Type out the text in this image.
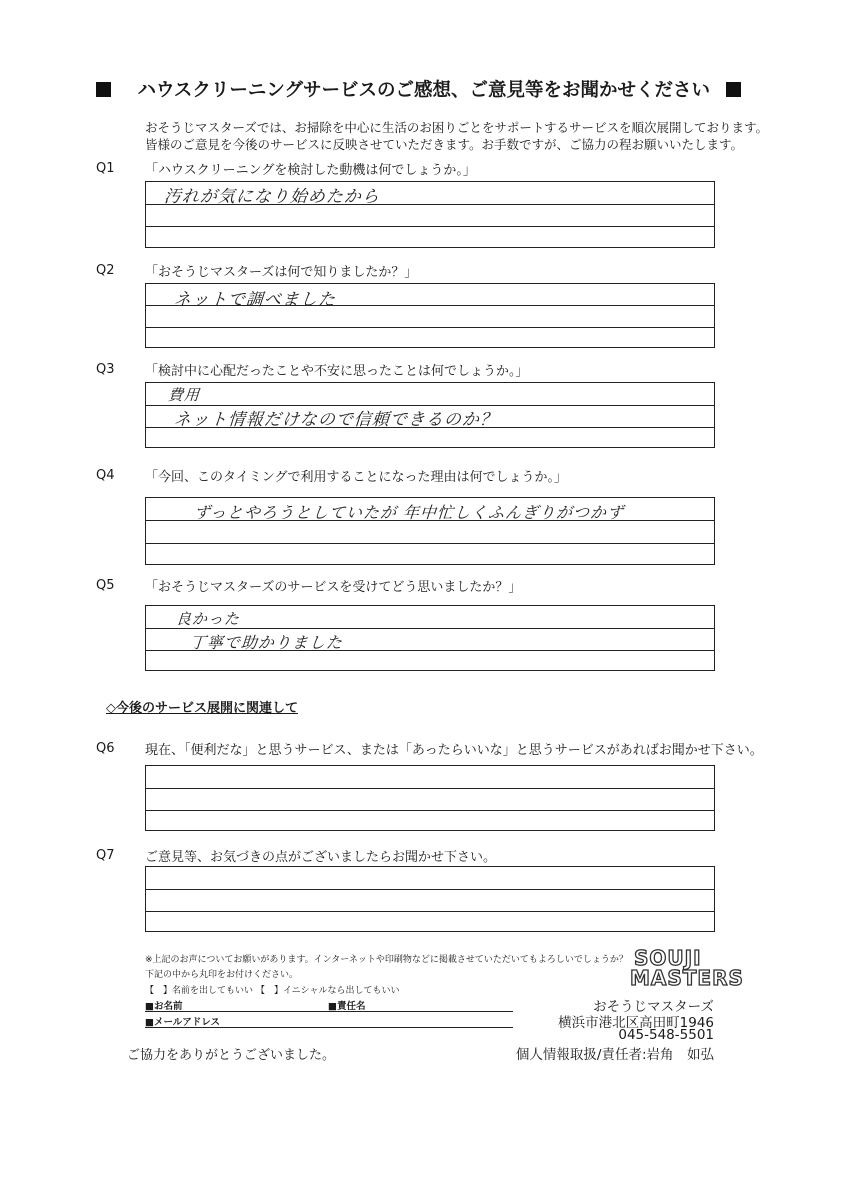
ハウスクリーニングサービスのご感想、ご意見等をお聞かせください
おそうじマスターズでは、お掃除を中心に生活のお困りごとをサポートするサービスを順次展開しております。
皆様のご意見を今後のサービスに反映させていただきます。お手数ですが、ご協力の程お願いいたします。
Q1 「ハウスクリーニングを検討した動機は何でしょうか。」
汚れが気になり始めたから
Q2 「おそうじマスターズは何で知りましたか？」
ネットで調べました
Q3 「検討中に心配だったことや不安に思ったことは何でしょうか。」
費用
ネット情報だけなので信頼できるのか？
Q4 「今回、このタイミングで利用することになった理由は何でしょうか。」
ずっとやろうとしていたが 年中忙しくふんぎりがつかず
Q5 「おそうじマスターズのサービスを受けてどう思いましたか？」
良かった
丁寧で助かりました
◇今後のサービス展開に関連して
Q6 現在、「便利だな」と思うサービス、または「あったらいいな」と思うサービスがあればお聞かせ下さい。
Q7 ご意見等、お気づきの点がございましたらお聞かせ下さい。
※上記のお声についてお願いがあります。インターネットや印刷物などに掲載させていただいてもよろしいでしょうか？
下記の中から丸印をお付けください。
【　】名前を出してもいい 【　】イニシャルなら出してもいい
■お名前	■責任名
■メールアドレス
ご協力をありがとうございました。
SOUJI
MASTERS
おそうじマスターズ
横浜市港北区高田町1946
045-548-5501
個人情報取扱/責任者:岩角　如弘
